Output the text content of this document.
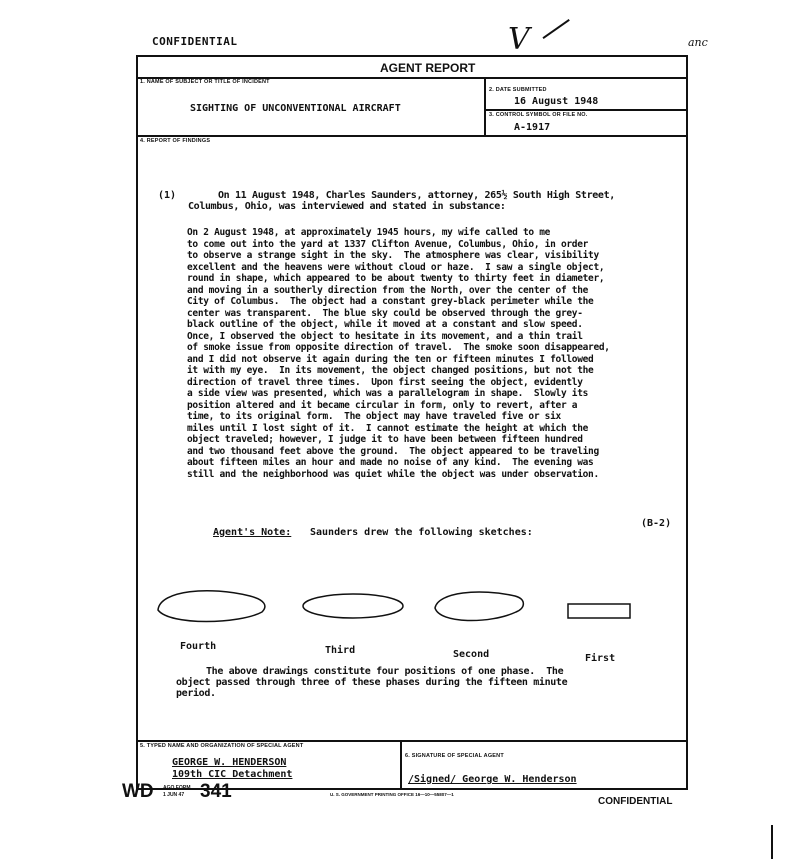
CONFIDENTIAL	V	anc
AGENT REPORT
1. NAME OF SUBJECT OR TITLE OF INCIDENT
SIGHTING OF UNCONVENTIONAL AIRCRAFT
2. DATE SUBMITTED
16 August 1948
3. CONTROL SYMBOL OR FILE NO.
A-1917
4. REPORT OF FINDINGS
(1)	On 11 August 1948, Charles Saunders, attorney, 265½ South High Street,
Columbus, Ohio, was interviewed and stated in substance:
On 2 August 1948, at approximately 1945 hours, my wife called to me
to come out into the yard at 1337 Clifton Avenue, Columbus, Ohio, in order
to observe a strange sight in the sky.  The atmosphere was clear, visibility
excellent and the heavens were without cloud or haze.  I saw a single object,
round in shape, which appeared to be about twenty to thirty feet in diameter,
and moving in a southerly direction from the North, over the center of the
City of Columbus.  The object had a constant grey-black perimeter while the
center was transparent.  The blue sky could be observed through the grey-
black outline of the object, while it moved at a constant and slow speed.
Once, I observed the object to hesitate in its movement, and a thin trail
of smoke issue from opposite direction of travel.  The smoke soon disappeared,
and I did not observe it again during the ten or fifteen minutes I followed
it with my eye.  In its movement, the object changed positions, but not the
direction of travel three times.  Upon first seeing the object, evidently
a side view was presented, which was a parallelogram in shape.  Slowly its
position altered and it became circular in form, only to revert, after a
time, to its original form.  The object may have traveled five or six
miles until I lost sight of it.  I cannot estimate the height at which the
object traveled; however, I judge it to have been between fifteen hundred
and two thousand feet above the ground.  The object appeared to be traveling
about fifteen miles an hour and made no noise of any kind.  The evening was
still and the neighborhood was quiet while the object was under observation.
(B-2)
Agent's Note: Saunders drew the following sketches:
Fourth	Third	Second	First
The above drawings constitute four positions of one phase.  The
object passed through three of these phases during the fifteen minute
period.
5. TYPED NAME AND ORGANIZATION OF SPECIAL AGENT
GEORGE W. HENDERSON
109th CIC Detachment
6. SIGNATURE OF SPECIAL AGENT
/Signed/ George W. Henderson
WD AGO FORM
1 JUN 47 341	U. S. GOVERNMENT PRINTING OFFICE 16—10—55807—1
CONFIDENTIAL
